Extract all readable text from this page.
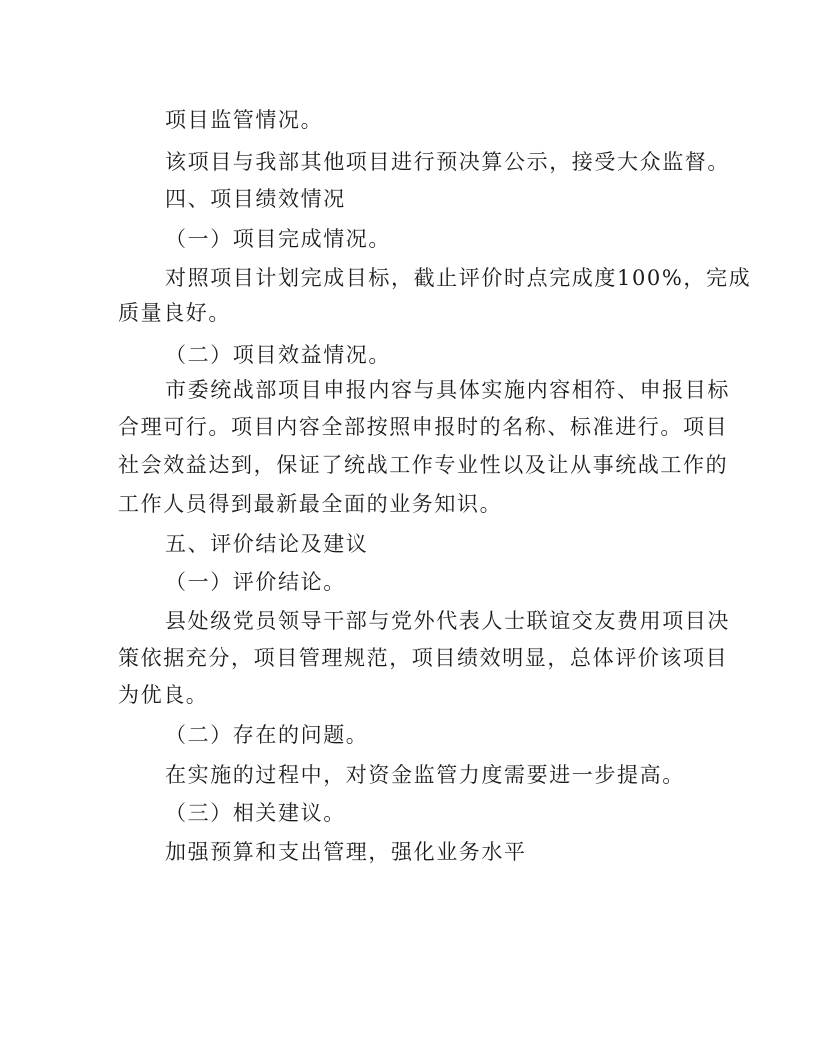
项目监管情况。

该项目与我部其他项目进行预决算公示，接受大众监督。

四、项目绩效情况

（一）项目完成情况。

对照项目计划完成目标，截止评价时点完成度100%，完成

质量良好。

（二）项目效益情况。

市委统战部项目申报内容与具体实施内容相符、申报目标

合理可行。项目内容全部按照申报时的名称、标准进行。项目

社会效益达到，保证了统战工作专业性以及让从事统战工作的

工作人员得到最新最全面的业务知识。

五、评价结论及建议

（一）评价结论。

县处级党员领导干部与党外代表人士联谊交友费用项目决

策依据充分，项目管理规范，项目绩效明显，总体评价该项目

为优良。

（二）存在的问题。

在实施的过程中，对资金监管力度需要进一步提高。

（三）相关建议。

加强预算和支出管理，强化业务水平
